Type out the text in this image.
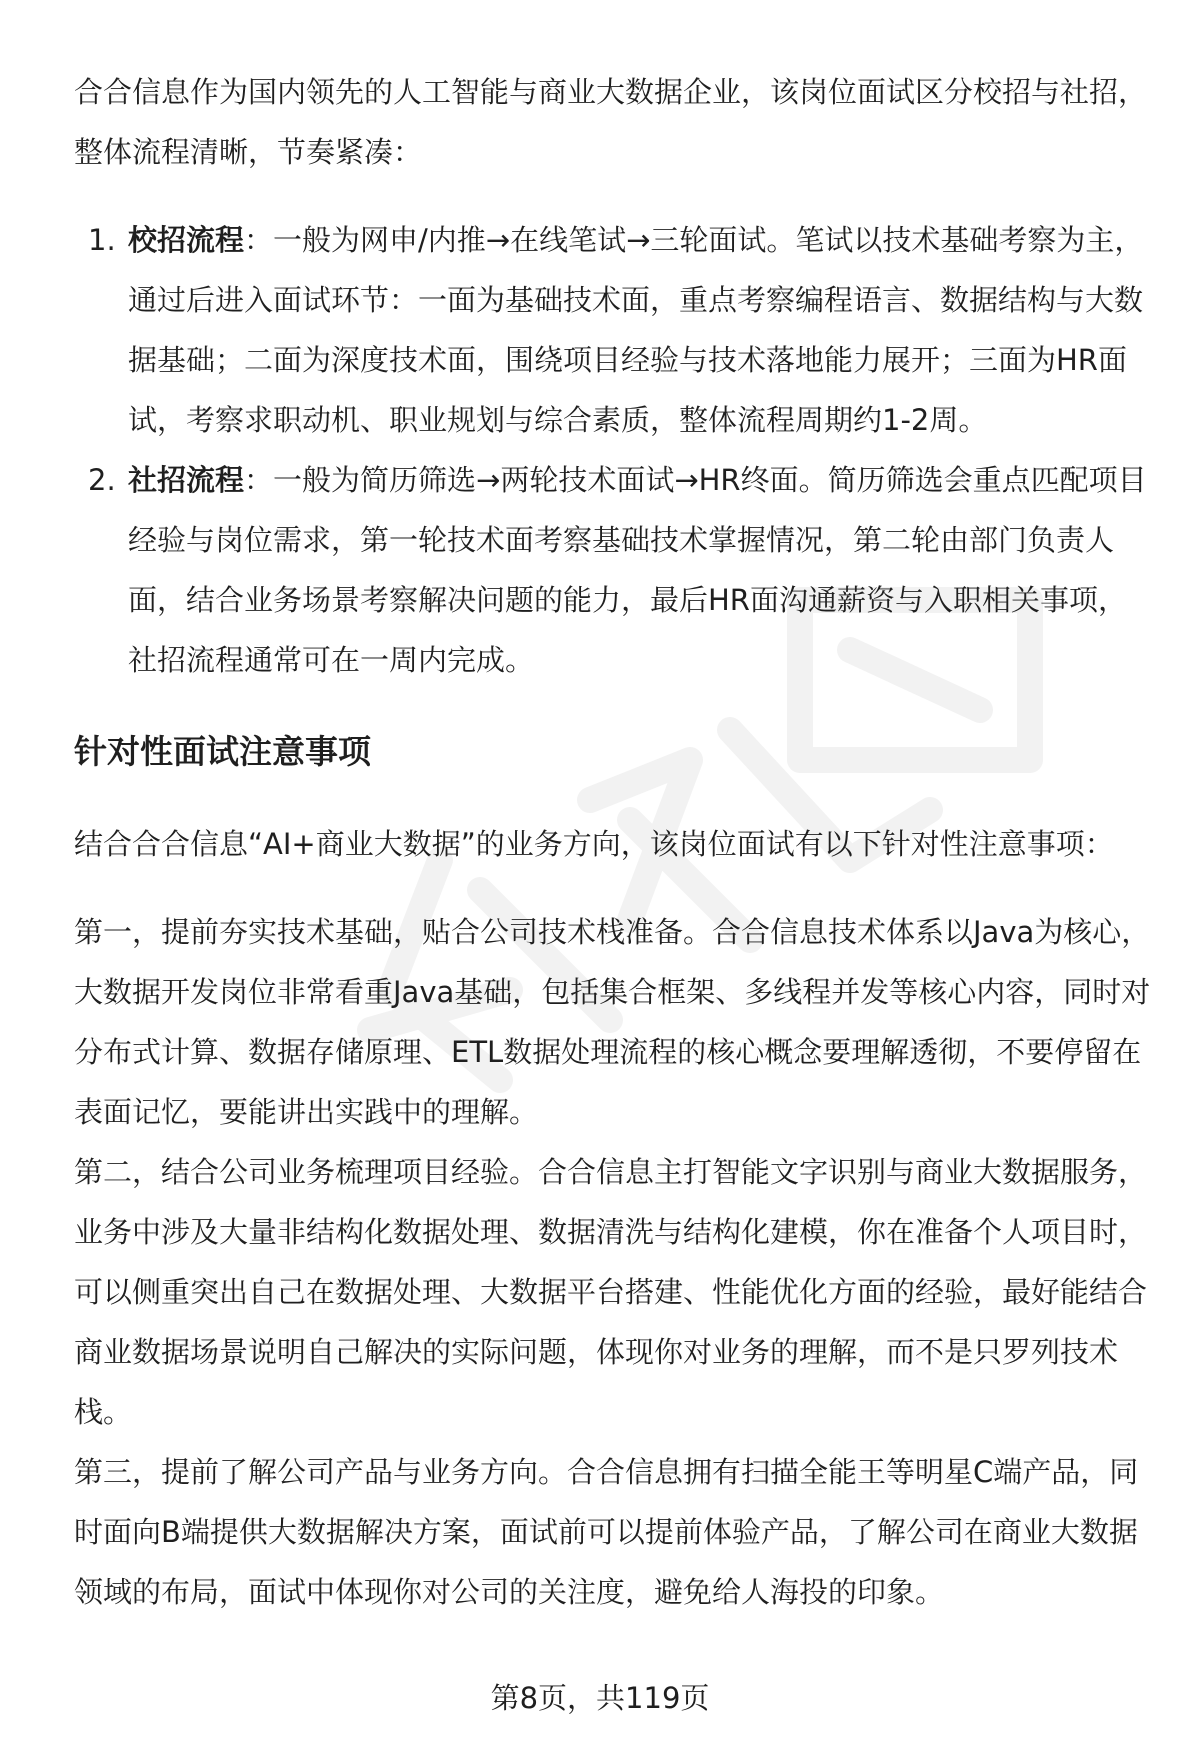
合合信息作为国内领先的人工智能与商业大数据企业，该岗位面试区分校招与社招，整体流程清晰，节奏紧凑：

1. 校招流程：一般为网申/内推→在线笔试→三轮面试。笔试以技术基础考察为主，通过后进入面试环节：一面为基础技术面，重点考察编程语言、数据结构与大数据基础；二面为深度技术面，围绕项目经验与技术落地能力展开；三面为HR面试，考察求职动机、职业规划与综合素质，整体流程周期约1-2周。
2. 社招流程：一般为简历筛选→两轮技术面试→HR终面。简历筛选会重点匹配项目经验与岗位需求，第一轮技术面考察基础技术掌握情况，第二轮由部门负责人面，结合业务场景考察解决问题的能力，最后HR面沟通薪资与入职相关事项，社招流程通常可在一周内完成。
针对性面试注意事项

结合合合信息“AI+商业大数据”的业务方向，该岗位面试有以下针对性注意事项：

第一，提前夯实技术基础，贴合公司技术栈准备。合合信息技术体系以Java为核心，大数据开发岗位非常看重Java基础，包括集合框架、多线程并发等核心内容，同时对分布式计算、数据存储原理、ETL数据处理流程的核心概念要理解透彻，不要停留在表面记忆，要能讲出实践中的理解。

第二，结合公司业务梳理项目经验。合合信息主打智能文字识别与商业大数据服务，业务中涉及大量非结构化数据处理、数据清洗与结构化建模，你在准备个人项目时，可以侧重突出自己在数据处理、大数据平台搭建、性能优化方面的经验，最好能结合商业数据场景说明自己解决的实际问题，体现你对业务的理解，而不是只罗列技术栈。

第三，提前了解公司产品与业务方向。合合信息拥有扫描全能王等明星C端产品，同时面向B端提供大数据解决方案，面试前可以提前体验产品，了解公司在商业大数据领域的布局，面试中体现你对公司的关注度，避免给人海投的印象。

第8页，共119页
